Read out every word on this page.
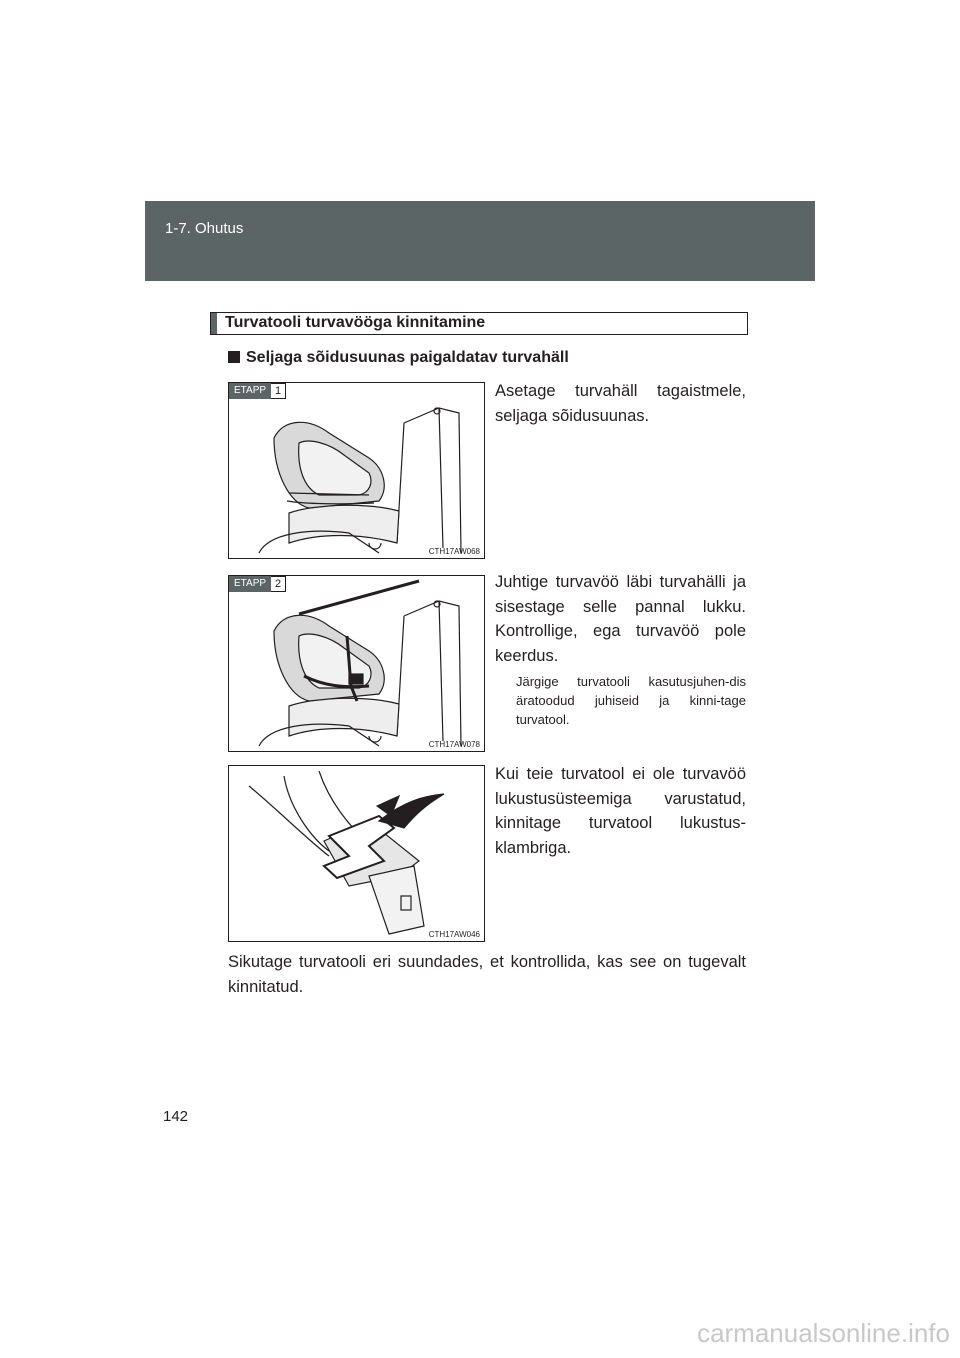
1-7. Ohutus
Turvatooli turvavööga kinnitamine
Seljaga sõidusuunas paigaldatav turvahäll
ETAPP 1
CTH17AW068
Asetage turvahäll tagaistmele, seljaga sõidusuunas.
ETAPP 2
CTH17AW078
Juhtige turvavöö läbi turvahälli ja sisestage selle pannal lukku. Kontrollige, ega turvavöö pole keerdus.
Järgige turvatooli kasutusjuhen-dis äratoodud juhiseid ja kinni-tage turvatool.
CTH17AW046
Kui teie turvatool ei ole turvavöö lukustusüsteemiga varustatud, kinnitage turvatool lukustus-klambriga.
Sikutage turvatooli eri suundades, et kontrollida, kas see on tugevalt kinnitatud.
142
carmanualsonline.info
